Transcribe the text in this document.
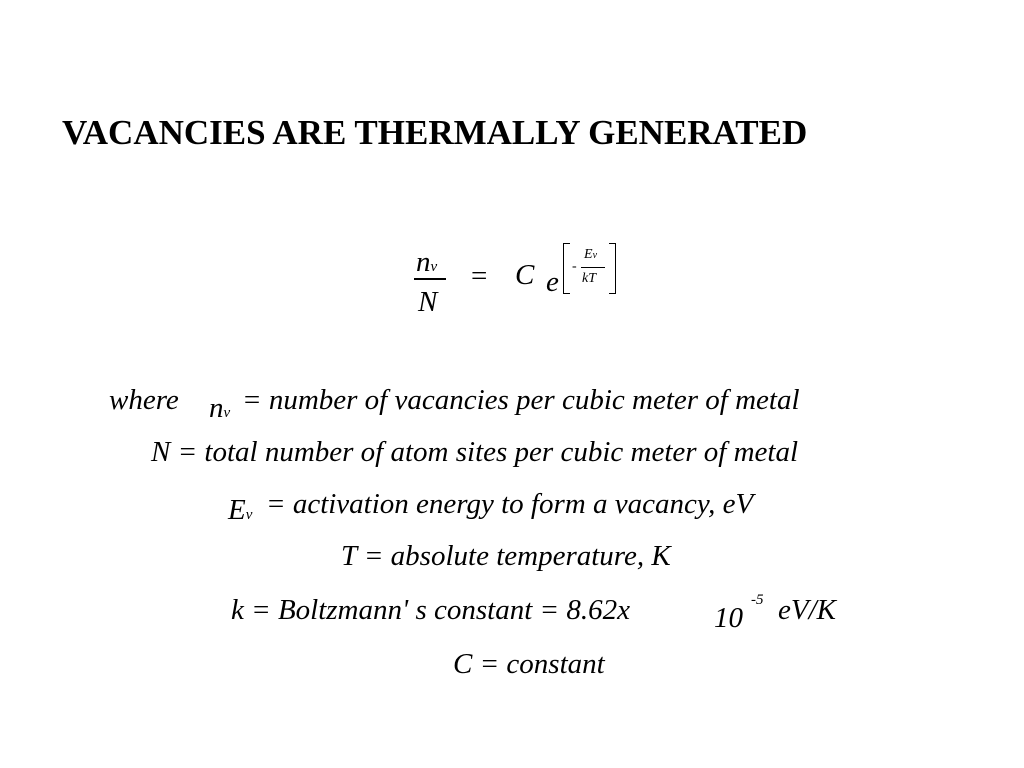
VACANCIES ARE THERMALLY GENERATED
nv
N
= C e -
Ev
kT
where nv = number of vacancies per cubic meter of metal
N = total number of atom sites per cubic meter of metal
Ev = activation energy to form a vacancy, eV
T = absolute temperature, K
k = Boltzmann' s constant = 8.62x	10
-5 eV/K
C = constant
